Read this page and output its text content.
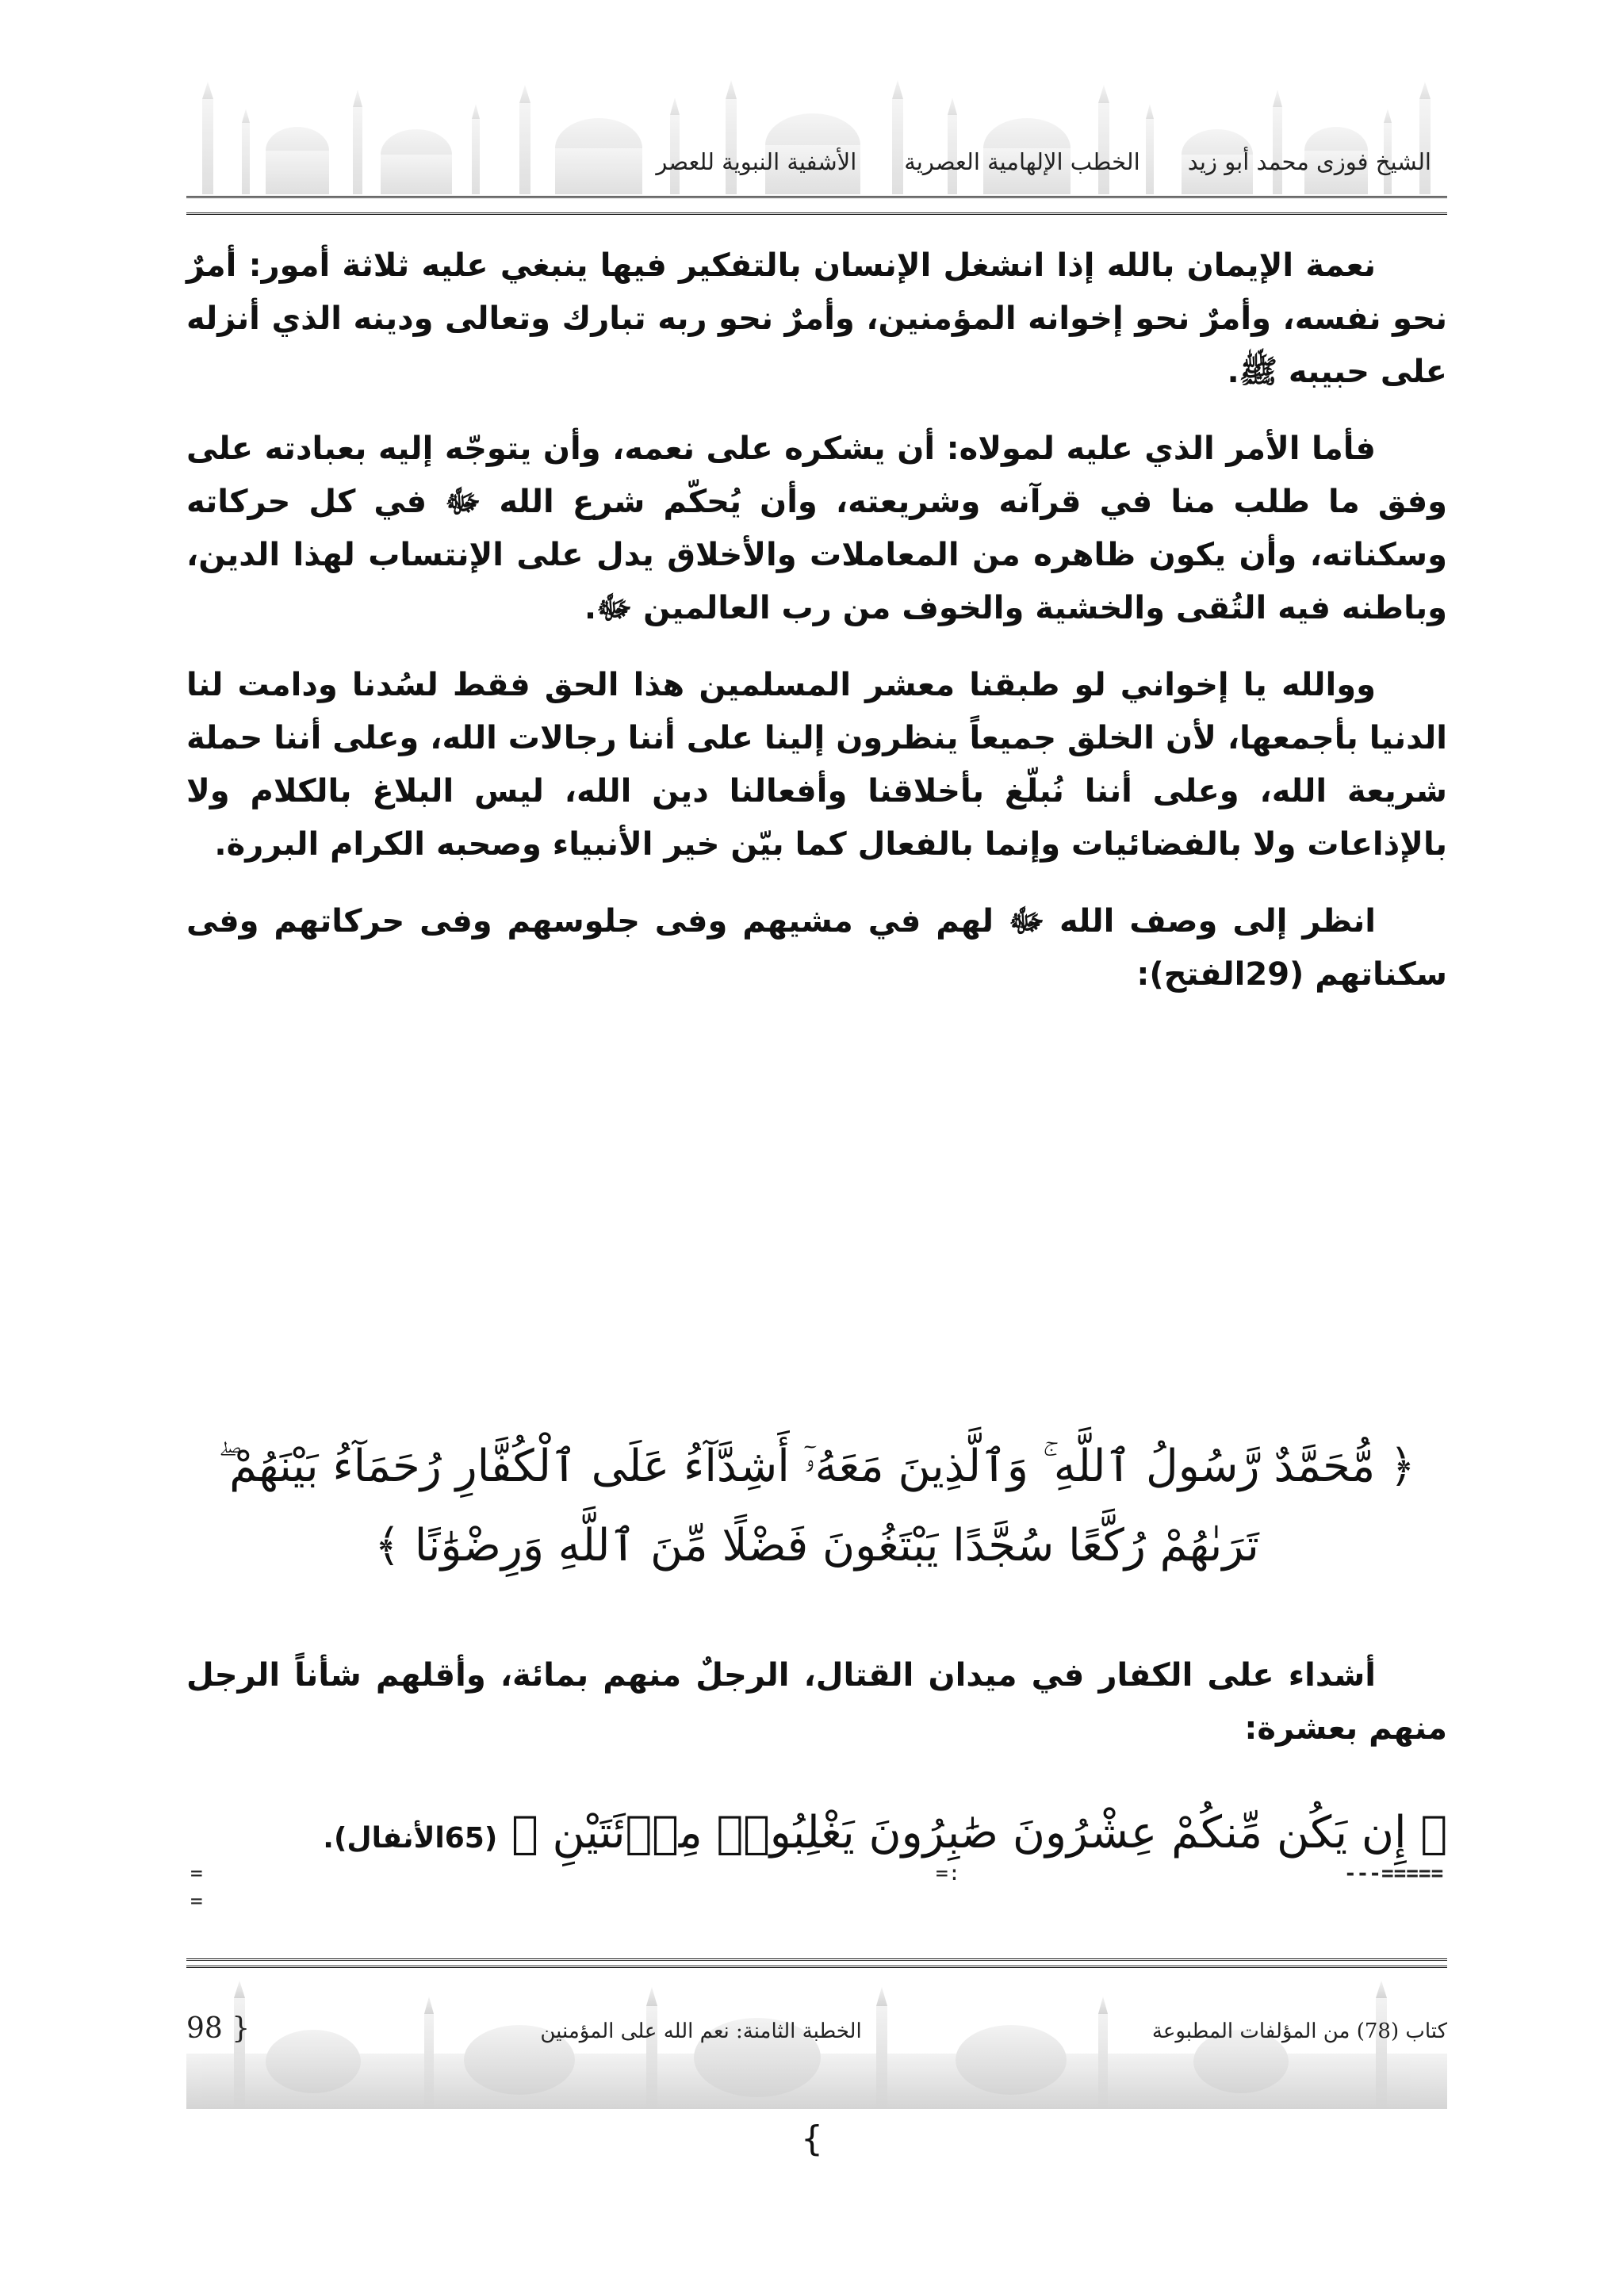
الشيخ فوزى محمد أبو زيد
الخطب الإلهامية العصرية
الأشفية النبوية للعصر

نعمة الإيمان بالله إذا انشغل الإنسان بالتفكير فيها ينبغي عليه ثلاثة أمور: أمرٌ نحو نفسه، وأمرٌ نحو إخوانه المؤمنين، وأمرٌ نحو ربه تبارك وتعالى ودينه الذي أنزله على حبيبه ﷺ.

فأما الأمر الذي عليه لمولاه: أن يشكره على نعمه، وأن يتوجّه إليه بعبادته على وفق ما طلب منا في قرآنه وشريعته، وأن يُحكّم شرع الله ﷻ في كل حركاته وسكناته، وأن يكون ظاهره من المعاملات والأخلاق يدل على الإنتساب لهذا الدين، وباطنه فيه التُقى والخشية والخوف من رب العالمين ﷻ.

ووالله يا إخواني لو طبقنا معشر المسلمين هذا الحق فقط لسُدنا ودامت لنا الدنيا بأجمعها، لأن الخلق جميعاً ينظرون إلينا على أننا رجالات الله، وعلى أننا حملة شريعة الله، وعلى أننا نُبلّغ بأخلاقنا وأفعالنا دين الله، ليس البلاغ بالكلام ولا بالإذاعات ولا بالفضائيات وإنما بالفعال كما بيّن خير الأنبياء وصحبه الكرام البررة.

انظر إلى وصف الله ﷻ لهم في مشيهم وفى جلوسهم وفى حركاتهم وفى سكناتهم (29الفتح):

﴿ مُّحَمَّدٌ رَّسُولُ ٱللَّهِ ۚ وَٱلَّذِينَ مَعَهُۥٓ أَشِدَّآءُ عَلَى ٱلْكُفَّارِ رُحَمَآءُ بَيْنَهُمْ ۖ تَرَىٰهُمْ رُكَّعًا سُجَّدًا يَبْتَغُونَ فَضْلًا مِّنَ ٱللَّهِ وَرِضْوَٰنًا ﴾

أشداء على الكفار في ميدان القتال، الرجلٌ منهم بمائة، وأقلهم شأناً الرجل منهم بعشرة:

﴿ إِن يَكُن مِّنكُمْ عِشْرُونَ صَٰبِرُونَ يَغْلِبُوا۟ مِا۟ئَتَيْنِ ﴾ (65الأنفال).
=	=:	---=====
=
كتاب (78) من المؤلفات المطبوعة
الخطبة الثامنة: نعم الله على المؤمنين
{ 98
{
